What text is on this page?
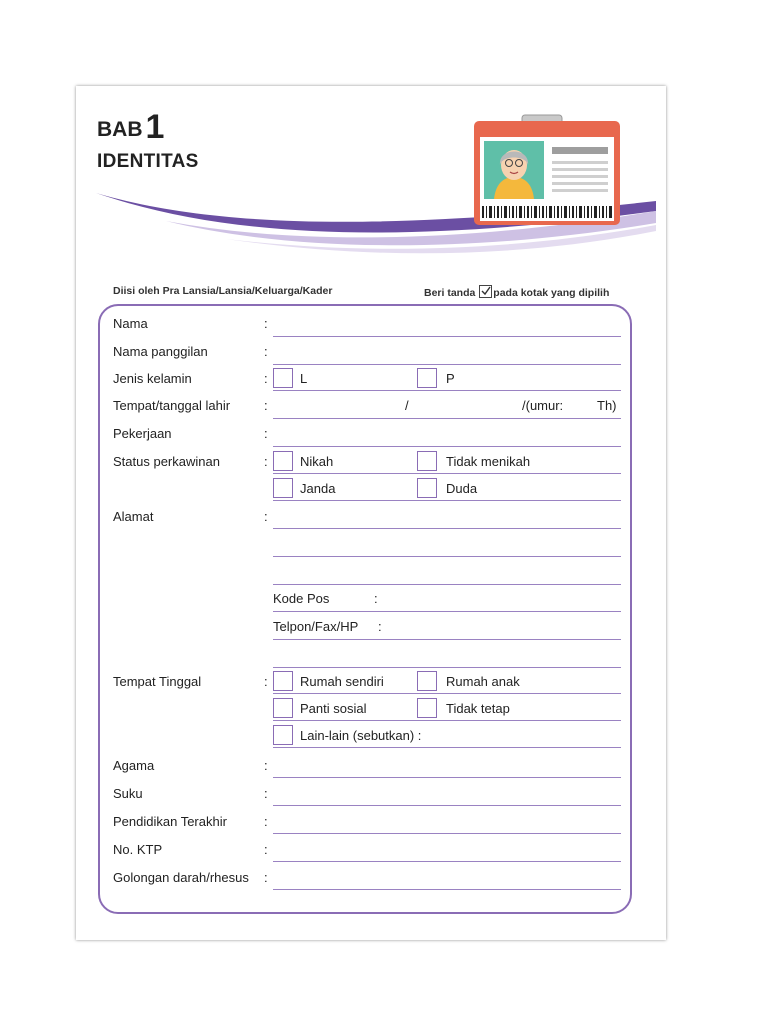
BAB1
IDENTITAS
Diisi oleh Pra Lansia/Lansia/Keluarga/Kader	Beri tanda pada kotak yang dipilih
Nama	:
Nama panggilan	:
Jenis kelamin	: L	P
Tempat/tanggal lahir	:	/	/(umur:	Th)
Pekerjaan	:
Status perkawinan	: Nikah	Tidak menikah
Janda	Duda
Alamat	:
Kode Pos	:
Telpon/Fax/HP :
Tempat Tinggal	: Rumah sendiri	Rumah anak
Panti sosial	Tidak tetap
Lain-lain (sebutkan) :
Agama	:
Suku	:
Pendidikan Terakhir	:
No. KTP	:
Golongan darah/rhesus :
